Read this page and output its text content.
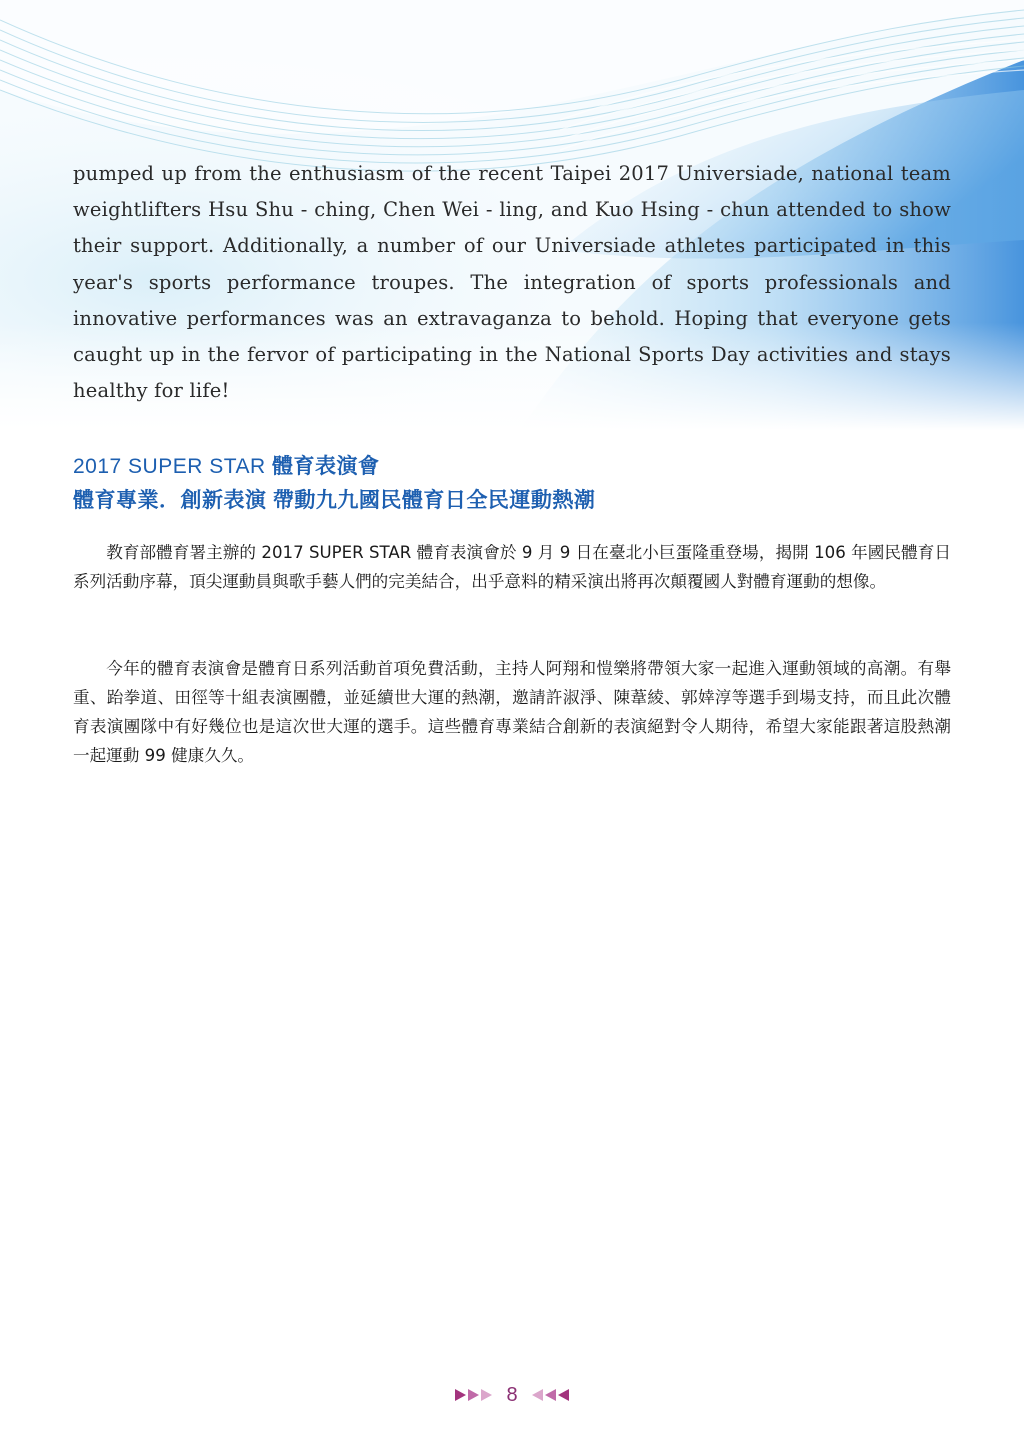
pumped up from the enthusiasm of the recent Taipei 2017 Universiade, national team weightlifters Hsu Shu - ching, Chen Wei - ling, and Kuo Hsing - chun attended to show their support. Additionally, a number of our Universiade athletes participated in this year's sports performance troupes. The integration of sports professionals and innovative performances was an extravaganza to behold. Hoping that everyone gets caught up in the fervor of participating in the National Sports Day activities and stays healthy for life!

2017 SUPER STAR 體育表演會
體育專業．創新表演 帶動九九國民體育日全民運動熱潮

教育部體育署主辦的 2017 SUPER STAR 體育表演會於 9 月 9 日在臺北小巨蛋隆重登場，揭開 106 年國民體育日系列活動序幕，頂尖運動員與歌手藝人們的完美結合，出乎意料的精采演出將再次顛覆國人對體育運動的想像。

今年的體育表演會是體育日系列活動首項免費活動，主持人阿翔和愷樂將帶領大家一起進入運動領域的高潮。有舉重、跆拳道、田徑等十組表演團體，並延續世大運的熱潮，邀請許淑淨、陳葦綾、郭婞淳等選手到場支持，而且此次體育表演團隊中有好幾位也是這次世大運的選手。這些體育專業結合創新的表演絕對令人期待，希望大家能跟著這股熱潮一起運動 99 健康久久。

8
